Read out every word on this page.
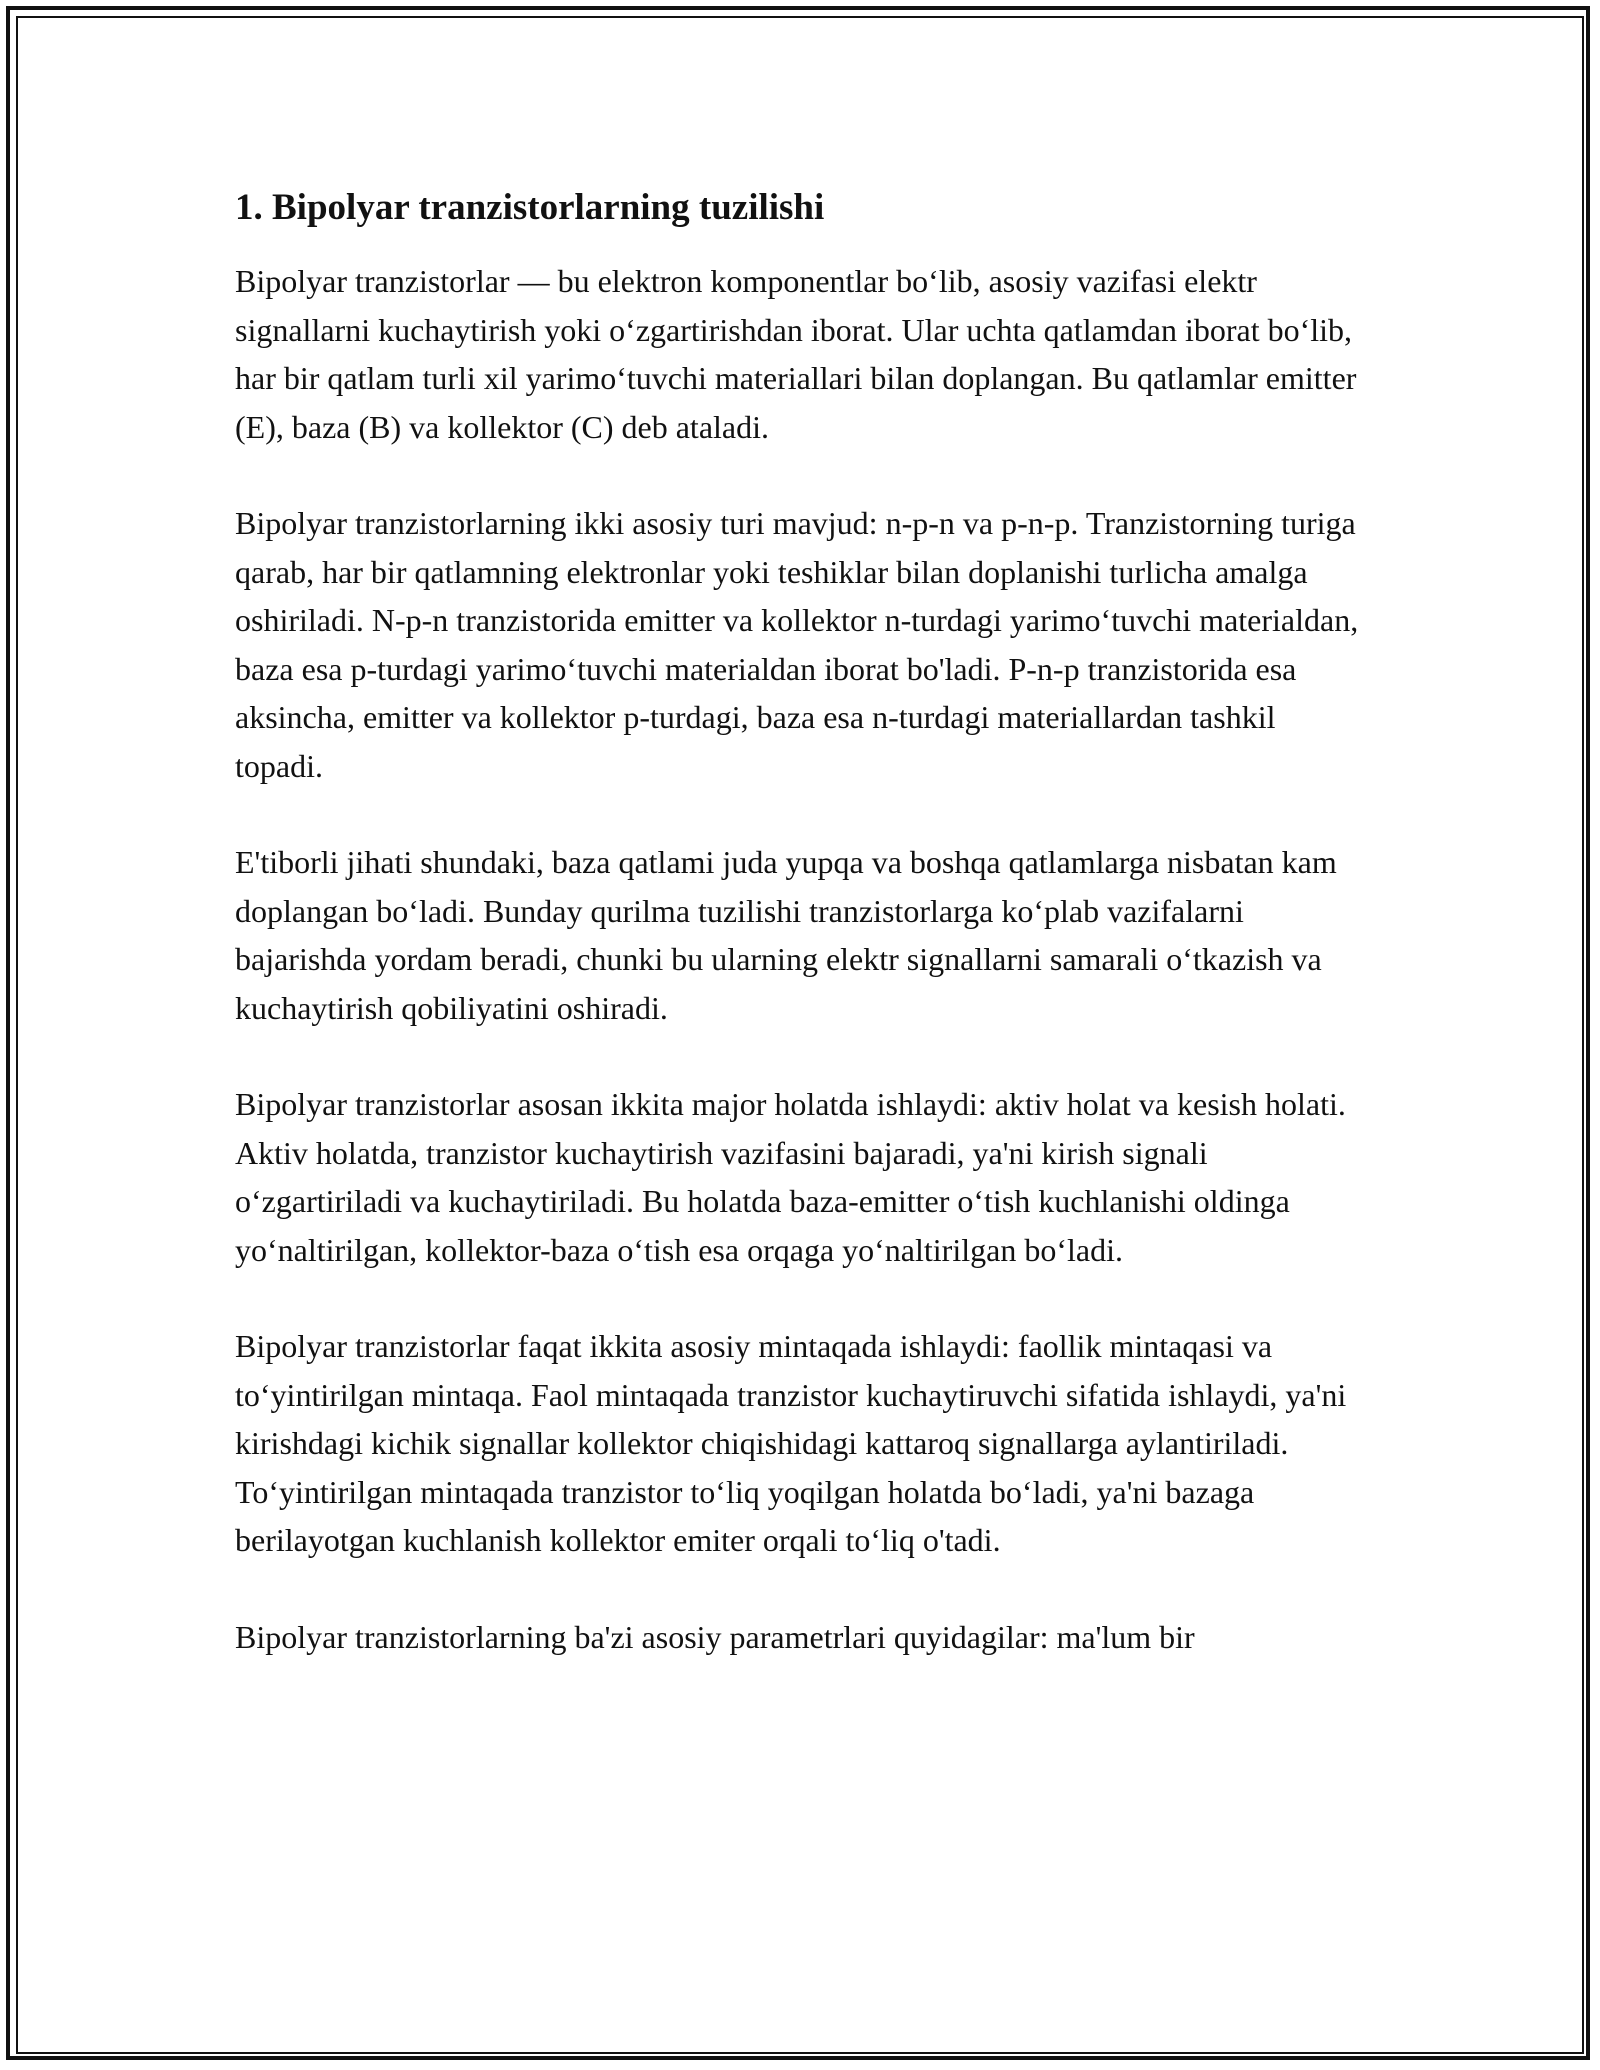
1. Bipolyar tranzistorlarning tuzilishi

Bipolyar tranzistorlar — bu elektron komponentlar bo‘lib, asosiy vazifasi elektr signallarni kuchaytirish yoki o‘zgartirishdan iborat. Ular uchta qatlamdan iborat bo‘lib, har bir qatlam turli xil yarimo‘tuvchi materiallari bilan doplangan. Bu qatlamlar emitter (E), baza (B) va kollektor (C) deb ataladi.

Bipolyar tranzistorlarning ikki asosiy turi mavjud: n-p-n va p-n-p. Tranzistorning turiga qarab, har bir qatlamning elektronlar yoki teshiklar bilan doplanishi turlicha amalga oshiriladi. N-p-n tranzistorida emitter va kollektor n-turdagi yarimo‘tuvchi materialdan, baza esa p-turdagi yarimo‘tuvchi materialdan iborat bo'ladi. P-n-p tranzistorida esa aksincha, emitter va kollektor p-turdagi, baza esa n-turdagi materiallardan tashkil topadi.

E'tiborli jihati shundaki, baza qatlami juda yupqa va boshqa qatlamlarga nisbatan kam doplangan bo‘ladi. Bunday qurilma tuzilishi tranzistorlarga ko‘plab vazifalarni bajarishda yordam beradi, chunki bu ularning elektr signallarni samarali o‘tkazish va kuchaytirish qobiliyatini oshiradi.

Bipolyar tranzistorlar asosan ikkita major holatda ishlaydi: aktiv holat va kesish holati. Aktiv holatda, tranzistor kuchaytirish vazifasini bajaradi, ya'ni kirish signali o‘zgartiriladi va kuchaytiriladi. Bu holatda baza-emitter o‘tish kuchlanishi oldinga yo‘naltirilgan, kollektor-baza o‘tish esa orqaga yo‘naltirilgan bo‘ladi.

Bipolyar tranzistorlar faqat ikkita asosiy mintaqada ishlaydi: faollik mintaqasi va to‘yintirilgan mintaqa. Faol mintaqada tranzistor kuchaytiruvchi sifatida ishlaydi, ya'ni kirishdagi kichik signallar kollektor chiqishidagi kattaroq signallarga aylantiriladi. To‘yintirilgan mintaqada tranzistor to‘liq yoqilgan holatda bo‘ladi, ya'ni bazaga berilayotgan kuchlanish kollektor emiter orqali to‘liq o'tadi.

Bipolyar tranzistorlarning ba'zi asosiy parametrlari quyidagilar: ma'lum bir
